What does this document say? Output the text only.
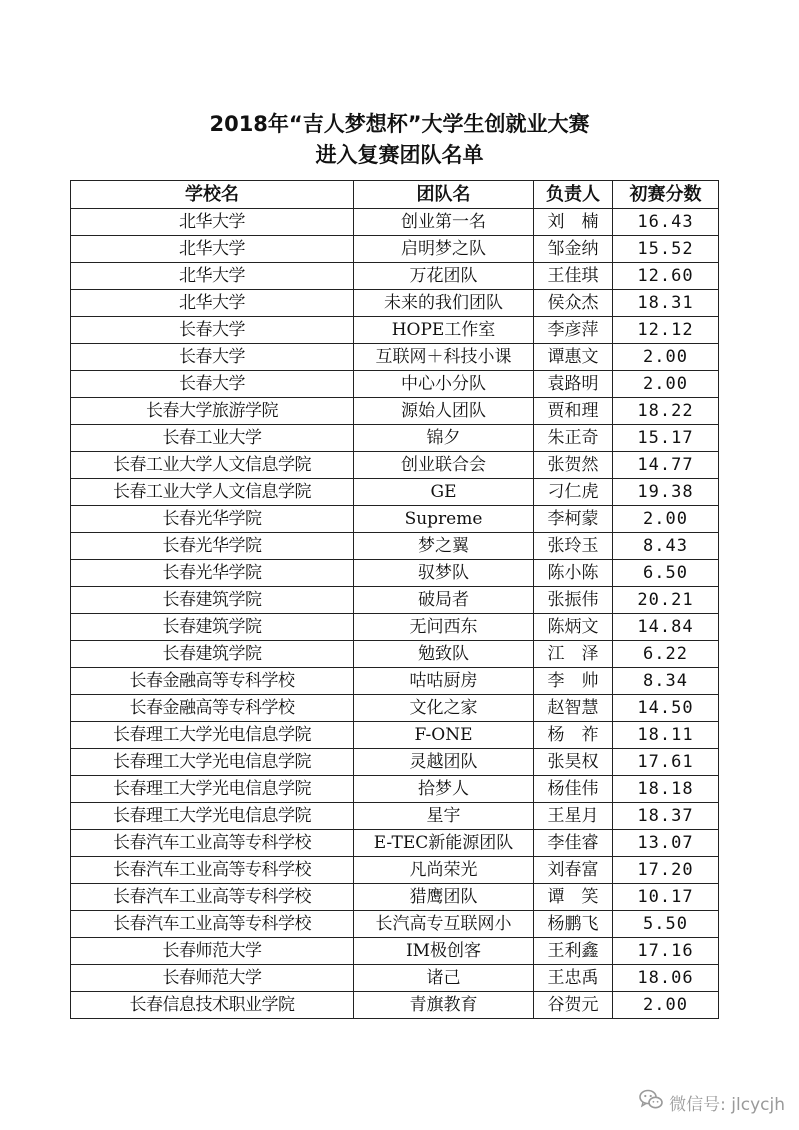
2018年“吉人梦想杯”大学生创就业大赛
进入复赛团队名单
学校名	团队名	负责人	初赛分数
北华大学	创业第一名	刘　楠	16.43
北华大学	启明梦之队	邹金纳	15.52
北华大学	万花团队	王佳琪	12.60
北华大学	未来的我们团队	侯众杰	18.31
长春大学	HOPE工作室	李彦萍	12.12
长春大学	互联网＋科技小课	谭惠文	2.00
长春大学	中心小分队	袁路明	2.00
长春大学旅游学院	源始人团队	贾和理	18.22
长春工业大学	锦夕	朱正奇	15.17
长春工业大学人文信息学院	创业联合会	张贺然	14.77
长春工业大学人文信息学院	GE	刁仁虎	19.38
长春光华学院	Supreme	李柯蒙	2.00
长春光华学院	梦之翼	张玲玉	8.43
长春光华学院	驭梦队	陈小陈	6.50
长春建筑学院	破局者	张振伟	20.21
长春建筑学院	无问西东	陈炳文	14.84
长春建筑学院	勉致队	江　泽	6.22
长春金融高等专科学校	咕咕厨房	李　帅	8.34
长春金融高等专科学校	文化之家	赵智慧	14.50
长春理工大学光电信息学院	F-ONE	杨　祚	18.11
长春理工大学光电信息学院	灵越团队	张昊权	17.61
长春理工大学光电信息学院	拾梦人	杨佳伟	18.18
长春理工大学光电信息学院	星宇	王星月	18.37
长春汽车工业高等专科学校	E-TEC新能源团队	李佳睿	13.07
长春汽车工业高等专科学校	凡尚荣光	刘春富	17.20
长春汽车工业高等专科学校	猎鹰团队	谭　笑	10.17
长春汽车工业高等专科学校	长汽高专互联网小	杨鹏飞	5.50
长春师范大学	IM极创客	王利鑫	17.16
长春师范大学	诸己	王忠禹	18.06
长春信息技术职业学院	青旗教育	谷贺元	2.00
微信号: jlcycjh
